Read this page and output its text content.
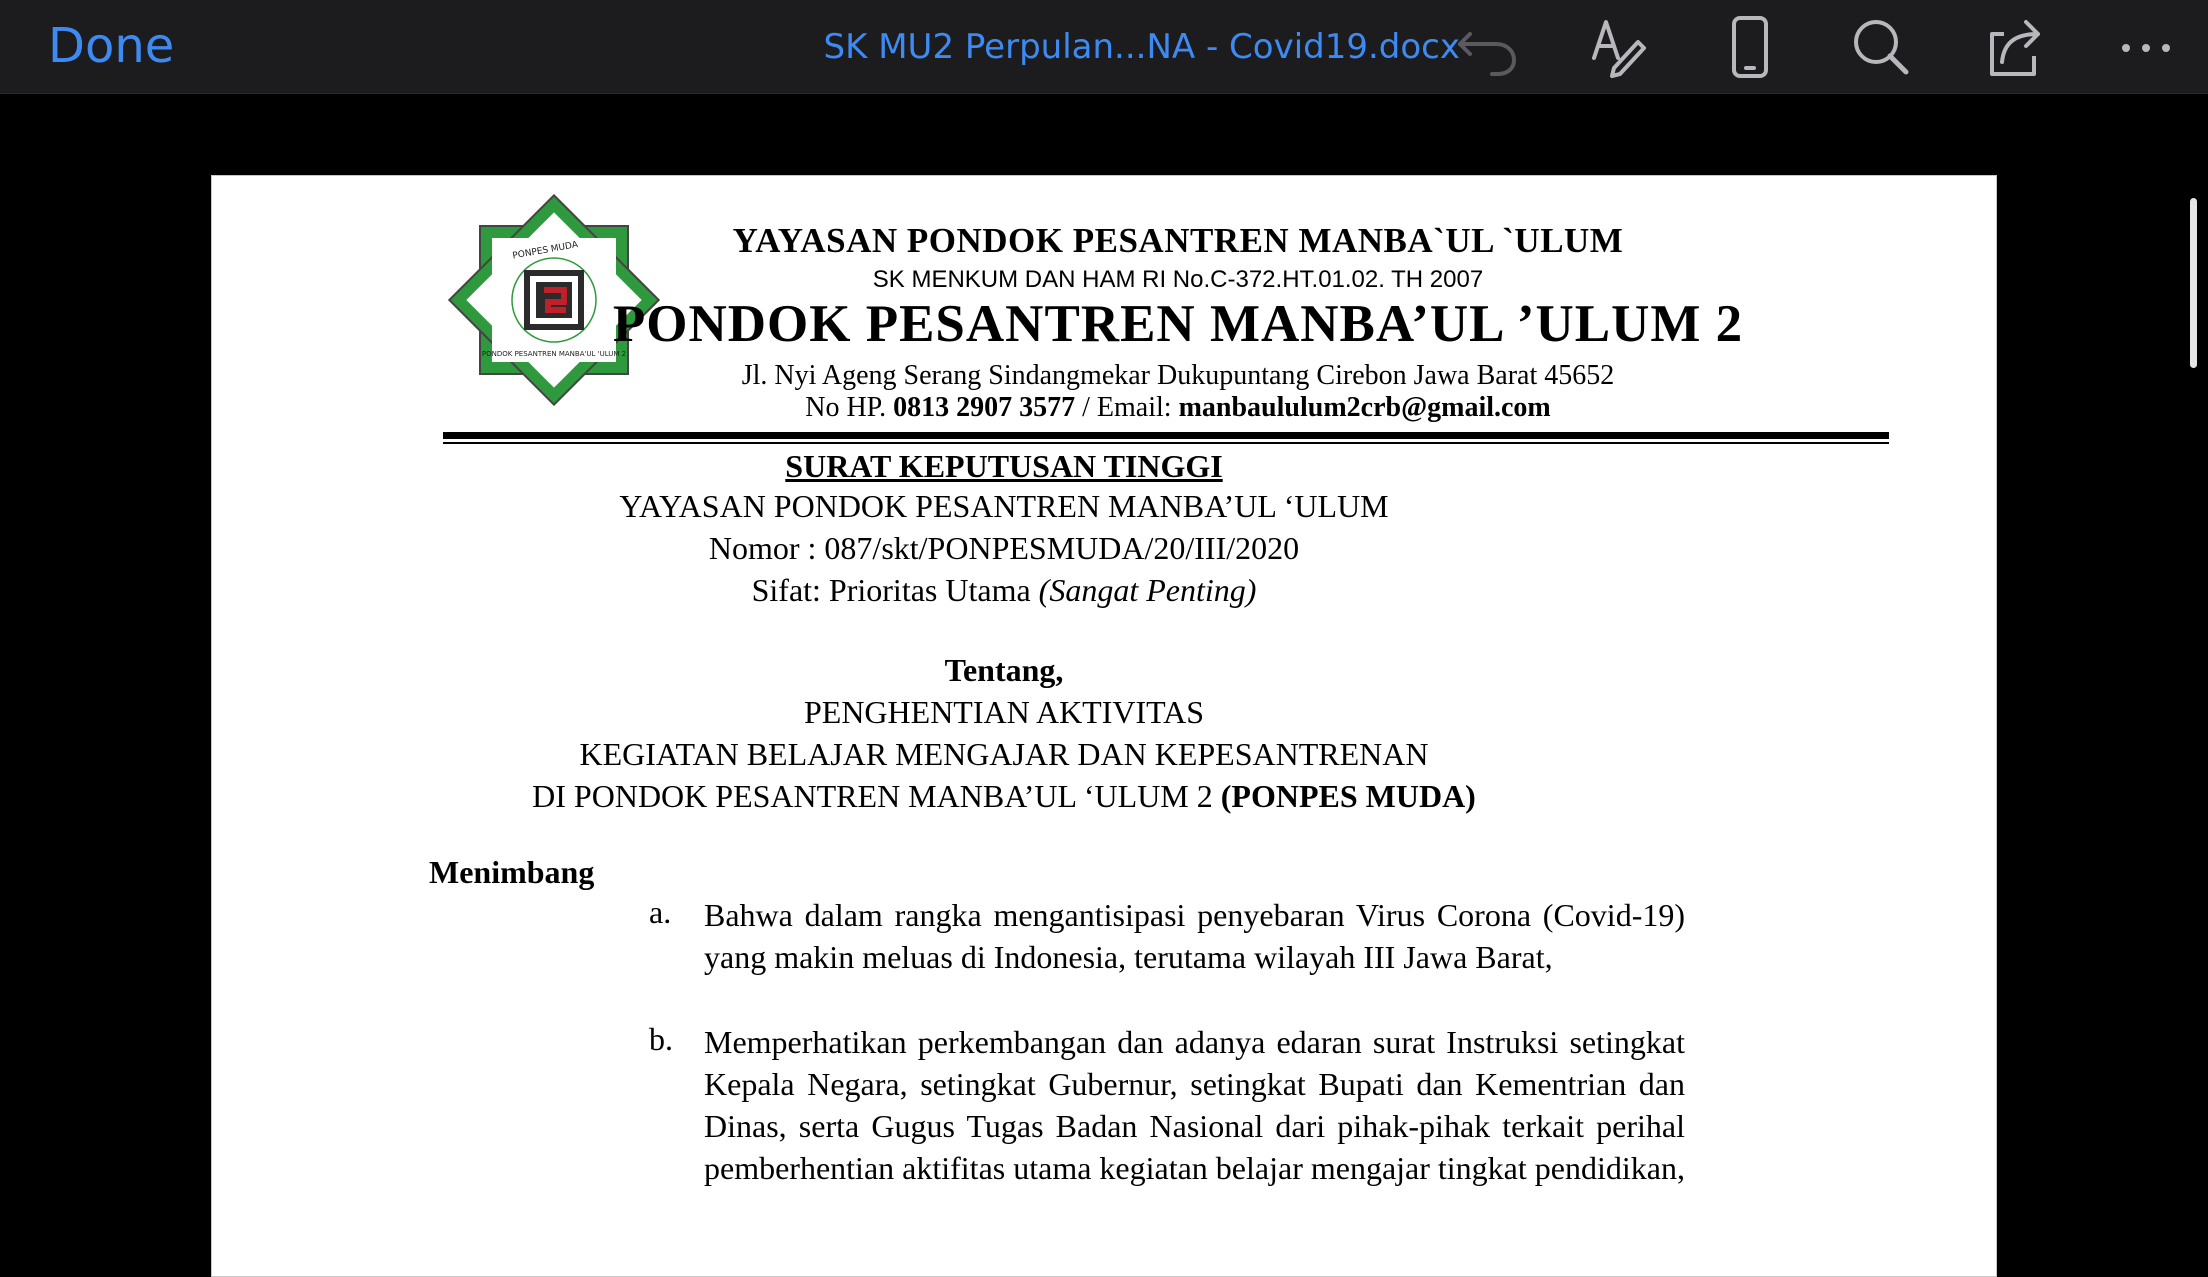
Done	SK MU2 Perpulan...NA - Covid19.docx
PONPES MUDA
PONDOK PESANTREN MANBA'UL 'ULUM 2
YAYASAN PONDOK PESANTREN MANBA`UL `ULUM
SK MENKUM DAN HAM RI No.C-372.HT.01.02. TH 2007
PONDOK PESANTREN MANBA’UL ’ULUM 2
Jl. Nyi Ageng Serang Sindangmekar Dukupuntang Cirebon Jawa Barat 45652
No HP. 0813 2907 3577 / Email: manbaululum2crb@gmail.com
SURAT KEPUTUSAN TINGGI
YAYASAN PONDOK PESANTREN MANBA’UL ‘ULUM
Nomor : 087/skt/PONPESMUDA/20/III/2020
Sifat: Prioritas Utama (Sangat Penting)
Tentang,
PENGHENTIAN AKTIVITAS
KEGIATAN BELAJAR MENGAJAR DAN KEPESANTRENAN
DI PONDOK PESANTREN MANBA’UL ‘ULUM 2 (PONPES MUDA)
Menimbang
a. Bahwa dalam rangka mengantisipasi penyebaran Virus Corona (Covid-19) yang makin meluas di Indonesia, terutama wilayah III Jawa Barat,
b. Memperhatikan perkembangan dan adanya edaran surat Instruksi setingkat Kepala Negara, setingkat Gubernur, setingkat Bupati dan Kementrian dan Dinas, serta Gugus Tugas Badan Nasional dari pihak-pihak terkait perihal pemberhentian aktifitas utama kegiatan belajar mengajar tingkat pendidikan,
